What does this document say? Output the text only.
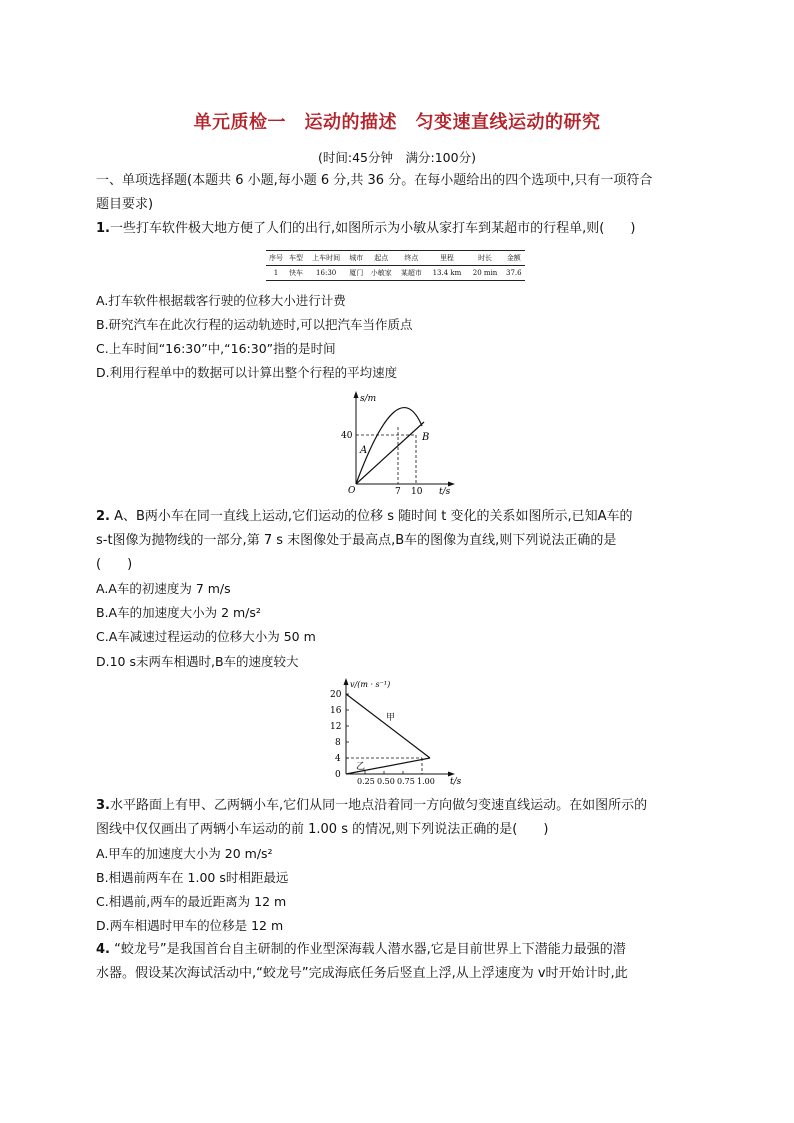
单元质检一　运动的描述　匀变速直线运动的研究
(时间:45分钟　满分:100分)
一、单项选择题(本题共 6 小题,每小题 6 分,共 36 分。在每小题给出的四个选项中,只有一项符合
题目要求)
1.一些打车软件极大地方便了人们的出行,如图所示为小敏从家打车到某超市的行程单,则(　　)
序号	车型	上车时间	城市	起点	终点	里程	时长	金额
1	快车	16:30	厦门	小敏家	某超市	13.4 km	20 min	37.6
A.打车软件根据载客行驶的位移大小进行计费
B.研究汽车在此次行程的运动轨迹时,可以把汽车当作质点
C.上车时间“16:30”中,“16:30”指的是时间
D.利用行程单中的数据可以计算出整个行程的平均速度
s/m
t/s
O
40
7 10
A
B
2. A、B两小车在同一直线上运动,它们运动的位移 s 随时间 t 变化的关系如图所示,已知A车的
s-t图像为抛物线的一部分,第 7 s 末图像处于最高点,B车的图像为直线,则下列说法正确的是
(　　)
A.A车的初速度为 7 m/s
B.A车的加速度大小为 2 m/s²
C.A车减速过程运动的位移大小为 50 m
D.10 s末两车相遇时,B车的速度较大
v/(m · s⁻¹)
t/s
20
16
12
8
4
0
0.25 0.50 0.75 1.00
甲
乙
3.水平路面上有甲、乙两辆小车,它们从同一地点沿着同一方向做匀变速直线运动。在如图所示的
图线中仅仅画出了两辆小车运动的前 1.00 s 的情况,则下列说法正确的是(　　)
A.甲车的加速度大小为 20 m/s²
B.相遇前两车在 1.00 s时相距最远
C.相遇前,两车的最近距离为 12 m
D.两车相遇时甲车的位移是 12 m
4. “蛟龙号”是我国首台自主研制的作业型深海载人潜水器,它是目前世界上下潜能力最强的潜
水器。假设某次海试活动中,“蛟龙号”完成海底任务后竖直上浮,从上浮速度为 v时开始计时,此
